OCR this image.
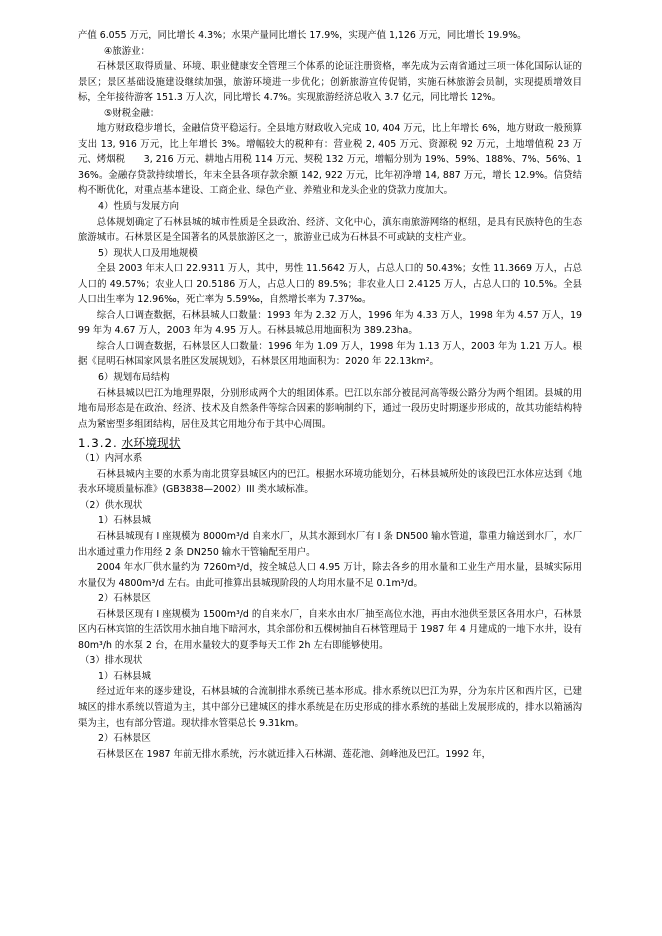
产值 6.055 万元，同比增长 4.3%；水果产量同比增长 17.9%，实现产值 1,126 万元，同比增长 19.9%。

④旅游业：

石林景区取得质量、环境、职业健康安全管理三个体系的论证注册资格，率先成为云南省通过三项一体化国际认证的景区；景区基础设施建设继续加强，旅游环境进一步优化；创新旅游宣传促销，实施石林旅游会员制，实现提质增效目标，全年接待游客 151.3 万人次，同比增长 4.7%。实现旅游经济总收入 3.7 亿元，同比增长 12%。

⑤财税金融：

地方财政稳步增长，金融信贷平稳运行。全县地方财政收入完成 10, 404 万元，比上年增长 6%，地方财政一般预算支出 13, 916 万元，比上年增长 3%。增幅较大的税种有：营业税 2, 405 万元、资源税 92 万元，土地增值税 23 万元、烤烟税　　3, 216 万元、耕地占用税 114 万元、契税 132 万元，增幅分别为 19%、59%、188%、7%、56%、136%。金融存贷款持续增长，年末全县各项存款余额 142, 922 万元，比年初净增 14, 887 万元，增长 12.9%。信贷结构不断优化，对重点基本建设、工商企业、绿色产业、养殖业和龙头企业的贷款力度加大。

4）性质与发展方向

总体规划确定了石林县城的城市性质是全县政治、经济、文化中心，滇东南旅游网络的枢纽，是具有民族特色的生态旅游城市。石林景区是全国著名的风景旅游区之一，旅游业已成为石林县不可或缺的支柱产业。

5）现状人口及用地规模

全县 2003 年末人口 22.9311 万人，其中，男性 11.5642 万人，占总人口的 50.43%；女性 11.3669 万人，占总人口的 49.57%；农业人口 20.5186 万人，占总人口的 89.5%；非农业人口 2.4125 万人，占总人口的 10.5%。全县人口出生率为 12.96‰，死亡率为 5.59‰，自然增长率为 7.37‰。

综合人口调查数据，石林县城人口数量：1993 年为 2.32 万人，1996 年为 4.33 万人，1998 年为 4.57 万人，1999 年为 4.67 万人，2003 年为 4.95 万人。石林县城总用地面积为 389.23ha。

综合人口调查数据，石林景区人口数量：1996 年为 1.09 万人，1998 年为 1.13 万人，2003 年为 1.21 万人。根据《昆明石林国家风景名胜区发展规划》，石林景区用地面积为：2020 年 22.13km²。

6）规划布局结构

石林县城以巴江为地理界限，分别形成两个大的组团体系。巴江以东部分被昆河高等级公路分为两个组团。县城的用地布局形态是在政治、经济、技术及自然条件等综合因素的影响制约下，通过一段历史时期逐步形成的，故其功能结构特点为紧密型多组团结构，居住及其它用地分布于其中心周围。

1.3.2. 水环境现状

（1）内河水系

石林县城内主要的水系为南北贯穿县城区内的巴江。根据水环境功能划分，石林县城所处的该段巴江水体应达到《地表水环境质量标准》(GB3838—2002）III 类水域标准。

（2）供水现状

1）石林县城

石林县城现有 I 座规模为 8000m³/d 自来水厂，从其水源到水厂有 I 条 DN500 输水管道，靠重力输送到水厂，水厂出水通过重力作用经 2 条 DN250 输水干管输配至用户。

2004 年水厂供水量约为 7260m³/d，按全城总人口 4.95 万计，除去各乡的用水量和工业生产用水量，县城实际用水量仅为 4800m³/d 左右。由此可推算出县城现阶段的人均用水量不足 0.1m³/d。

2）石林景区

石林景区现有 I 座规模为 1500m³/d 的自来水厂，自来水由水厂抽至高位水池，再由水池供至景区各用水户，石林景区内石林宾馆的生活饮用水抽自地下暗河水，其余部份和五棵树抽自石林管理局于 1987 年 4 月建成的一地下水井，设有 80m³/h 的水泵 2 台，在用水量较大的夏季每天工作 2h 左右即能够使用。

（3）排水现状

1）石林县城

经过近年来的逐步建设，石林县城的合流制排水系统已基本形成。排水系统以巴江为界，分为东片区和西片区，已建城区的排水系统以管道为主，其中部分已建城区的排水系统是在历史形成的排水系统的基础上发展形成的，排水以箱涵沟渠为主，也有部分管道。现状排水管渠总长 9.31km。

2）石林景区

石林景区在 1987 年前无排水系统，污水就近排入石林湖、莲花池、剑峰池及巴江。1992 年，
